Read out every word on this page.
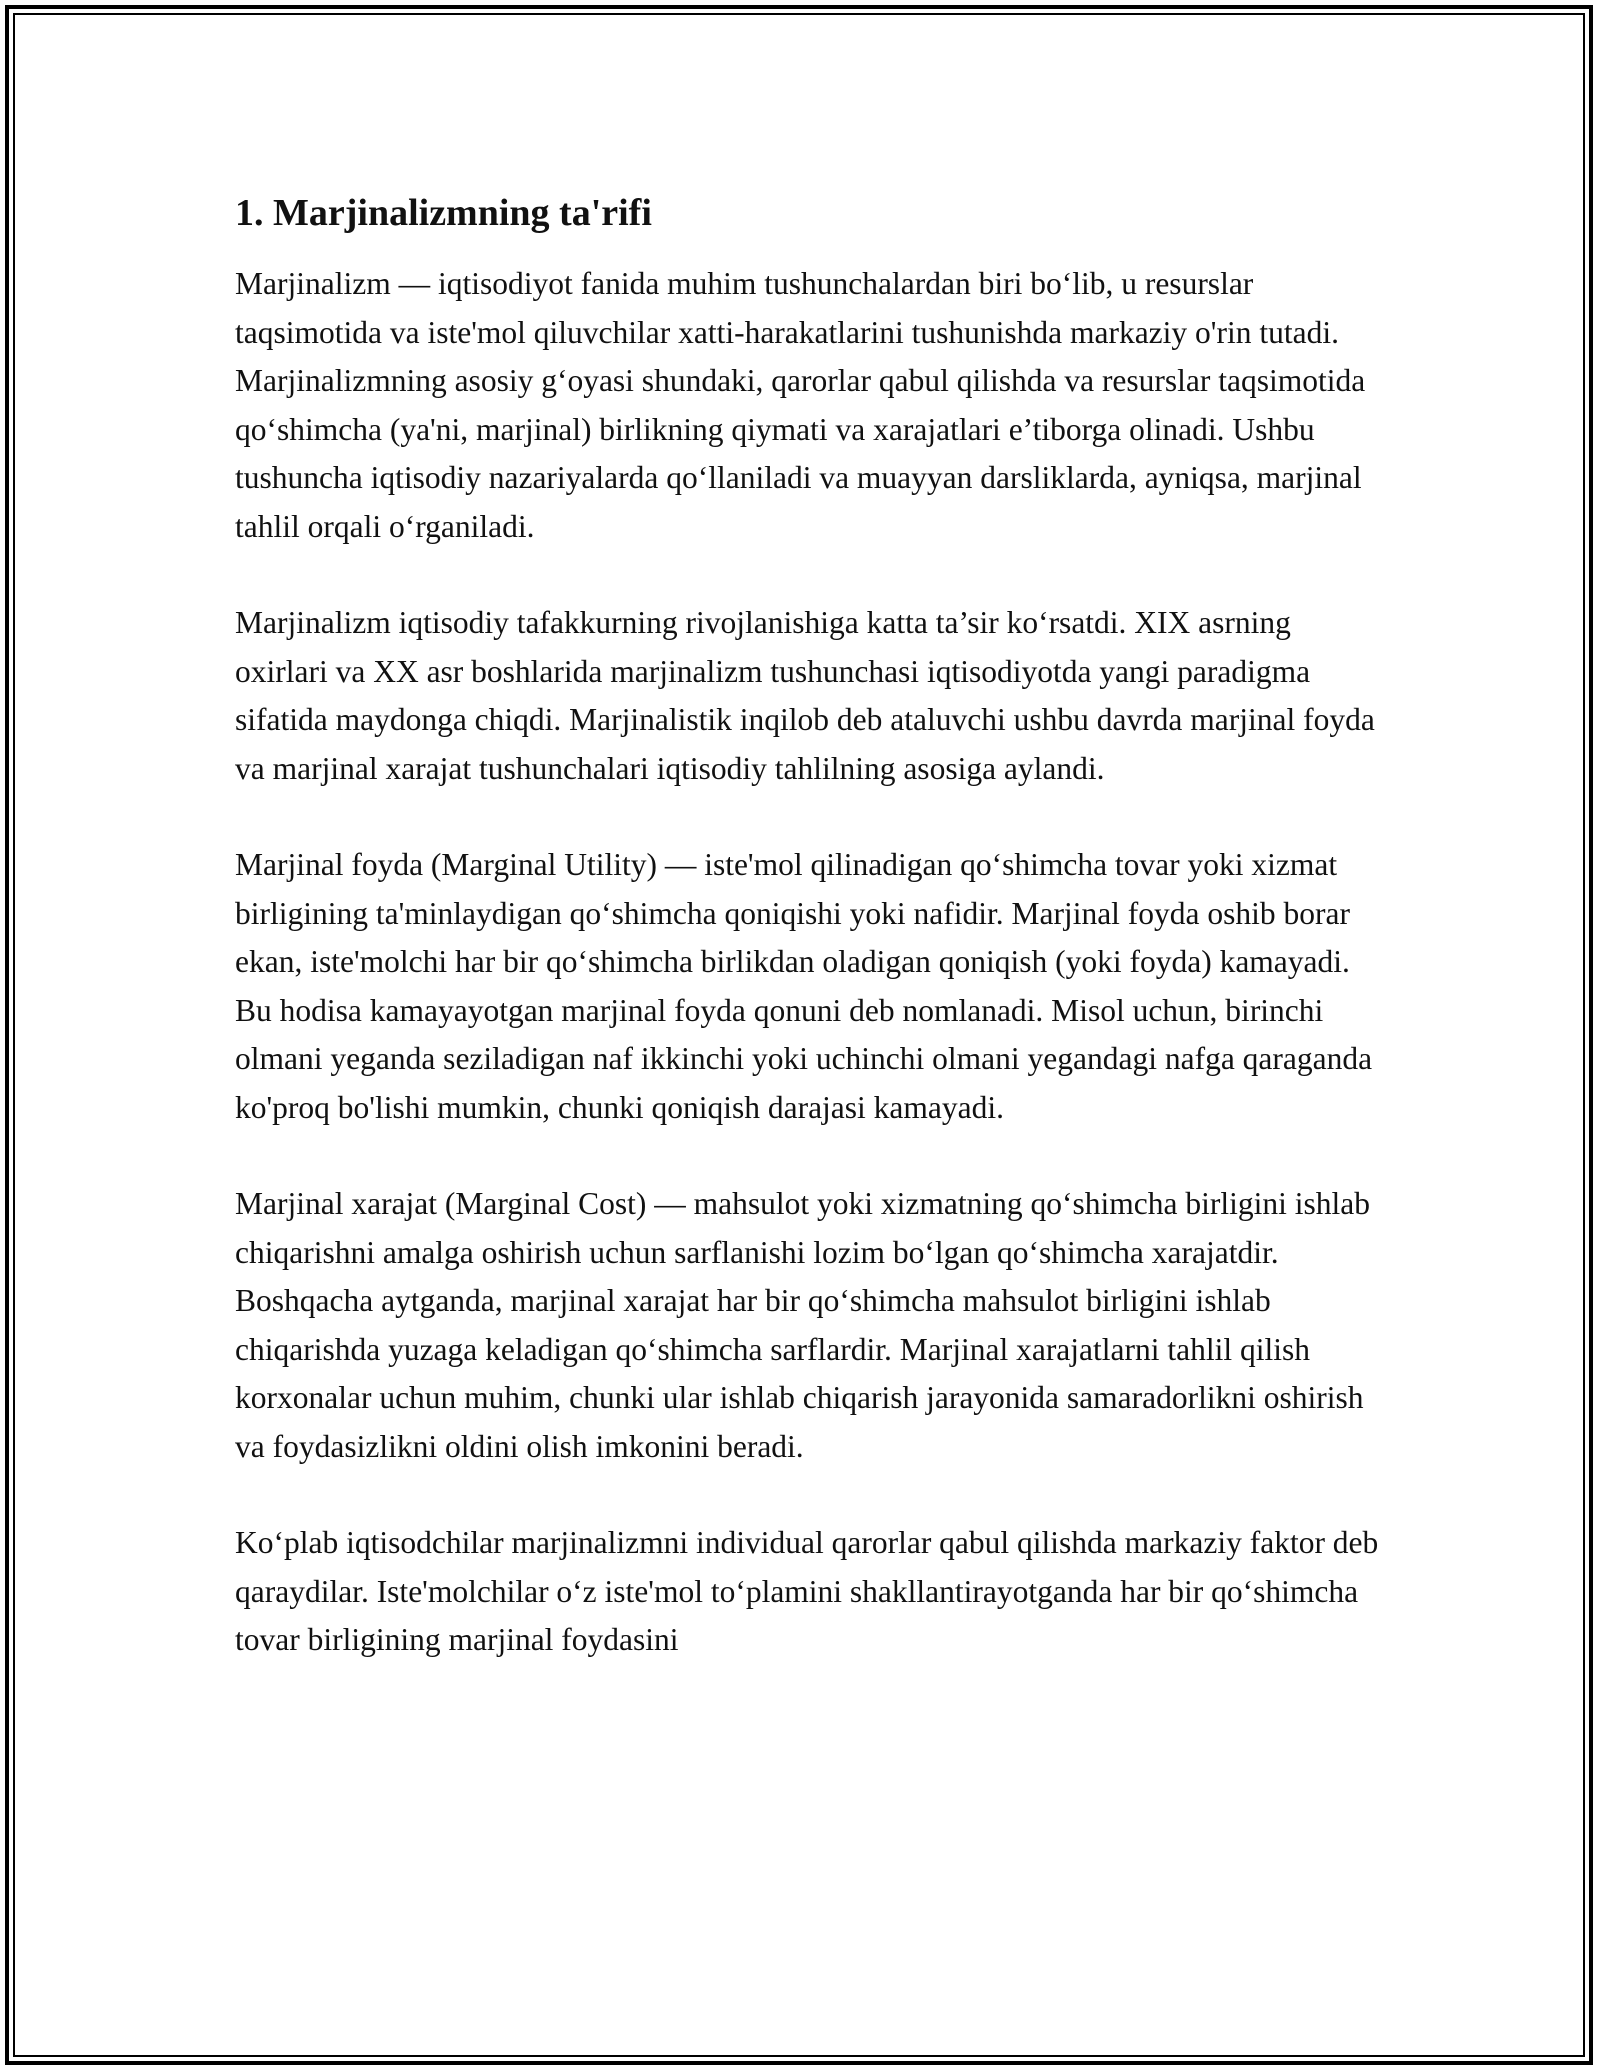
1. Marjinalizmning ta'rifi

Marjinalizm — iqtisodiyot fanida muhim tushunchalardan biri bo‘lib, u resurslar taqsimotida va iste'mol qiluvchilar xatti-harakatlarini tushunishda markaziy o'rin tutadi. Marjinalizmning asosiy g‘oyasi shundaki, qarorlar qabul qilishda va resurslar taqsimotida qo‘shimcha (ya'ni, marjinal) birlikning qiymati va xarajatlari e’tiborga olinadi. Ushbu tushuncha iqtisodiy nazariyalarda qo‘llaniladi va muayyan darsliklarda, ayniqsa, marjinal tahlil orqali o‘rganiladi.

Marjinalizm iqtisodiy tafakkurning rivojlanishiga katta ta’sir ko‘rsatdi. XIX asrning oxirlari va XX asr boshlarida marjinalizm tushunchasi iqtisodiyotda yangi paradigma sifatida maydonga chiqdi. Marjinalistik inqilob deb ataluvchi ushbu davrda marjinal foyda va marjinal xarajat tushunchalari iqtisodiy tahlilning asosiga aylandi.

Marjinal foyda (Marginal Utility) — iste'mol qilinadigan qo‘shimcha tovar yoki xizmat birligining ta'minlaydigan qo‘shimcha qoniqishi yoki nafidir. Marjinal foyda oshib borar ekan, iste'molchi har bir qo‘shimcha birlikdan oladigan qoniqish (yoki foyda) kamayadi. Bu hodisa kamayayotgan marjinal foyda qonuni deb nomlanadi. Misol uchun, birinchi olmani yeganda seziladigan naf ikkinchi yoki uchinchi olmani yegandagi nafga qaraganda ko'proq bo'lishi mumkin, chunki qoniqish darajasi kamayadi.

Marjinal xarajat (Marginal Cost) — mahsulot yoki xizmatning qo‘shimcha birligini ishlab chiqarishni amalga oshirish uchun sarflanishi lozim bo‘lgan qo‘shimcha xarajatdir. Boshqacha aytganda, marjinal xarajat har bir qo‘shimcha mahsulot birligini ishlab chiqarishda yuzaga keladigan qo‘shimcha sarflardir. Marjinal xarajatlarni tahlil qilish korxonalar uchun muhim, chunki ular ishlab chiqarish jarayonida samaradorlikni oshirish va foydasizlikni oldini olish imkonini beradi.

Ko‘plab iqtisodchilar marjinalizmni individual qarorlar qabul qilishda markaziy faktor deb qaraydilar. Iste'molchilar o‘z iste'mol to‘plamini shakllantirayotganda har bir qo‘shimcha tovar birligining marjinal foydasini
